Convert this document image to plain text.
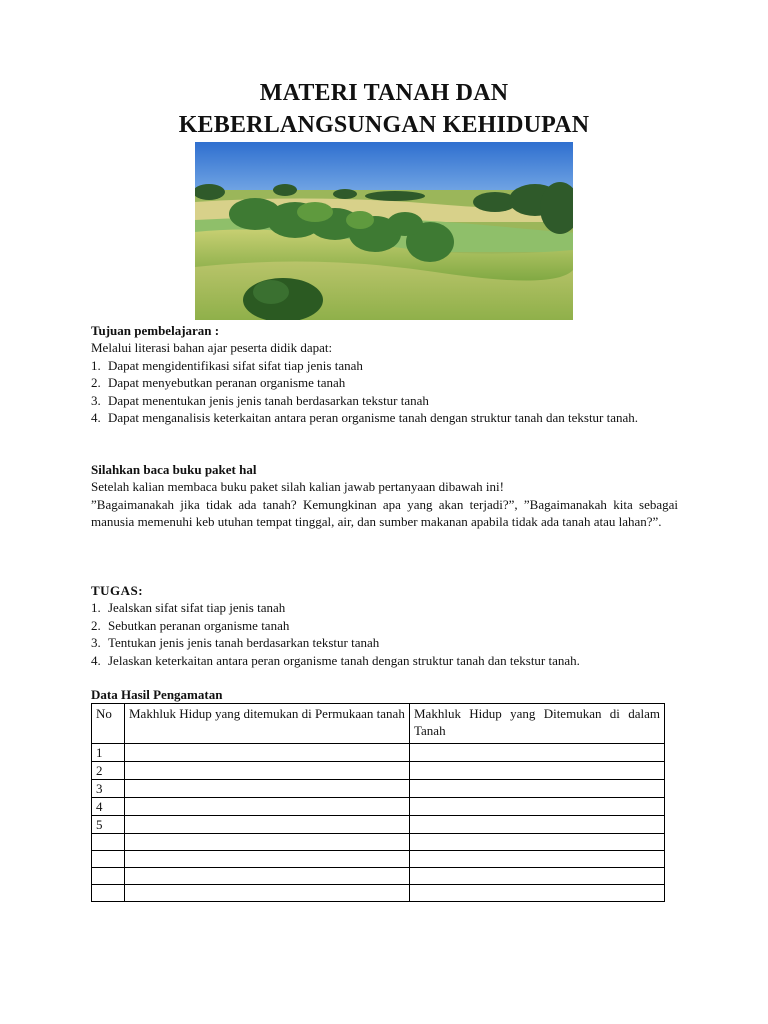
MATERI TANAH DAN
KEBERLANGSUNGAN KEHIDUPAN
Tujuan pembelajaran :
Melalui literasi bahan ajar peserta didik dapat:
1. Dapat mengidentifikasi sifat sifat tiap jenis tanah
2. Dapat menyebutkan peranan organisme tanah
3. Dapat menentukan jenis jenis tanah berdasarkan tekstur tanah
4. Dapat menganalisis keterkaitan antara peran organisme tanah dengan struktur tanah dan tekstur tanah.
Silahkan baca buku paket hal
Setelah kalian membaca buku paket silah kalian jawab pertanyaan dibawah ini!
”Bagaimanakah jika tidak ada tanah? Kemungkinan apa yang akan terjadi?”, ”Bagaimanakah kita sebagai manusia memenuhi keb utuhan tempat tinggal, air, dan sumber makanan apabila tidak ada tanah atau lahan?”.
TUGAS:
1. Jealskan sifat sifat tiap jenis tanah
2. Sebutkan peranan organisme tanah
3. Tentukan jenis jenis tanah berdasarkan tekstur tanah
4. Jelaskan keterkaitan antara peran organisme tanah dengan struktur tanah dan tekstur tanah.
Data Hasil Pengamatan
No	Makhluk Hidup yang ditemukan di Permukaan tanah	Makhluk Hidup yang Ditemukan di dalam Tanah
1		
2		
3		
4		
5		
